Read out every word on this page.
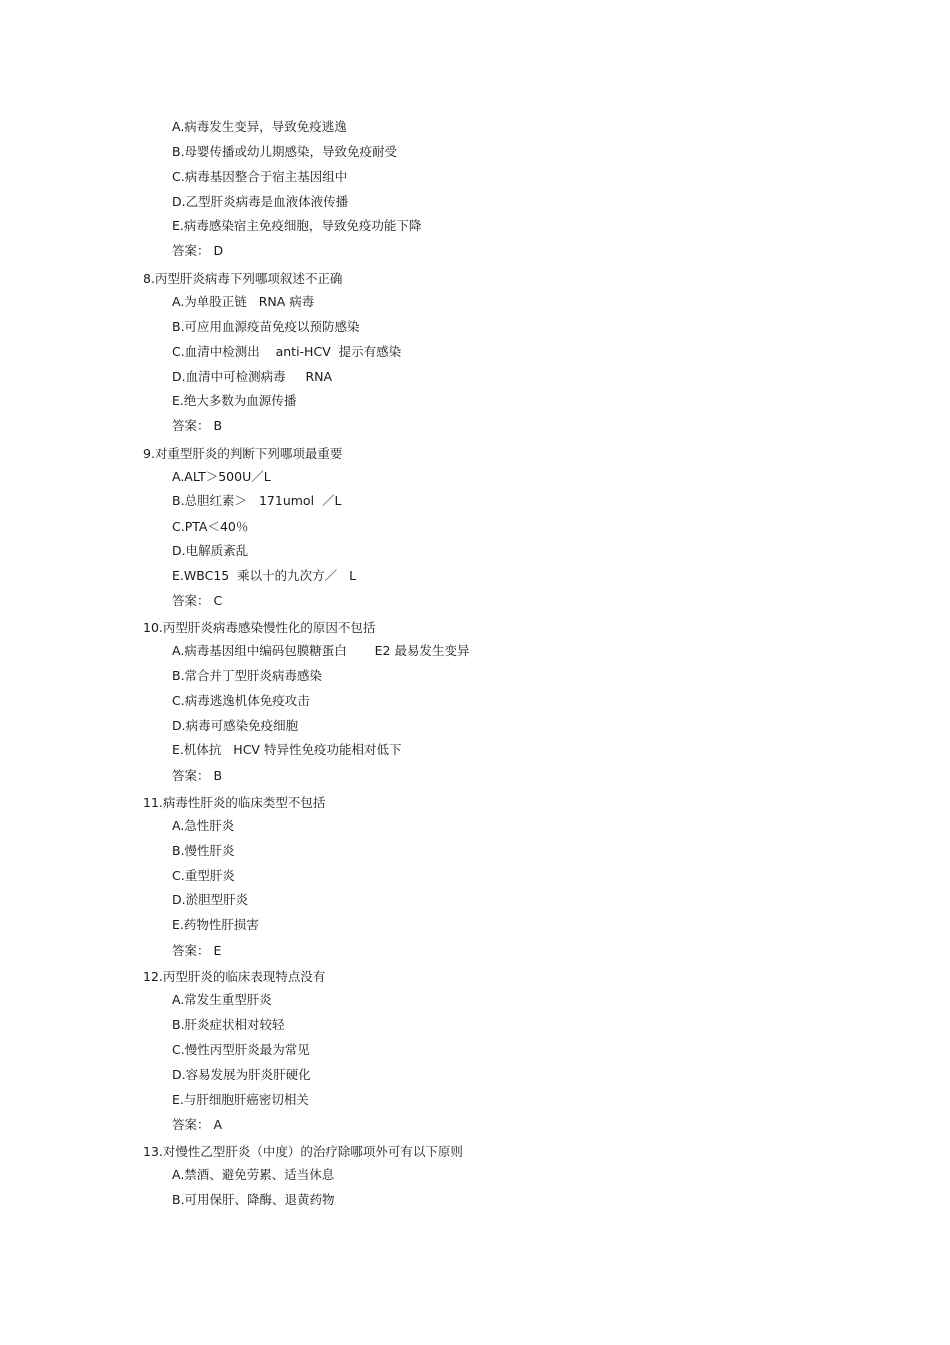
A.病毒发生变异，导致免疫逃逸
B.母婴传播或幼儿期感染，导致免疫耐受
C.病毒基因整合于宿主基因组中
D.乙型肝炎病毒是血液体液传播
E.病毒感染宿主免疫细胞，导致免疫功能下降
答案： D
8.丙型肝炎病毒下列哪项叙述不正确
A.为单股正链   RNA 病毒
B.可应用血源疫苗免疫以预防感染
C.血清中检测出    anti-HCV  提示有感染
D.血清中可检测病毒     RNA
E.绝大多数为血源传播
答案： B
9.对重型肝炎的判断下列哪项最重要
A.ALT＞500U／L
B.总胆红素＞   171umol  ／L
C.PTA＜40％
D.电解质紊乱
E.WBC15  乘以十的九次方／   L
答案： C
10.丙型肝炎病毒感染慢性化的原因不包括
A.病毒基因组中编码包膜糖蛋白       E2 最易发生变异
B.常合并丁型肝炎病毒感染
C.病毒逃逸机体免疫攻击
D.病毒可感染免疫细胞
E.机体抗   HCV 特异性免疫功能相对低下
答案： B
11.病毒性肝炎的临床类型不包括
A.急性肝炎
B.慢性肝炎
C.重型肝炎
D.淤胆型肝炎
E.药物性肝损害
答案： E
12.丙型肝炎的临床表现特点没有
A.常发生重型肝炎
B.肝炎症状相对较轻
C.慢性丙型肝炎最为常见
D.容易发展为肝炎肝硬化
E.与肝细胞肝癌密切相关
答案： A
13.对慢性乙型肝炎（中度）的治疗除哪项外可有以下原则
A.禁酒、避免劳累、适当休息
B.可用保肝、降酶、退黄药物
